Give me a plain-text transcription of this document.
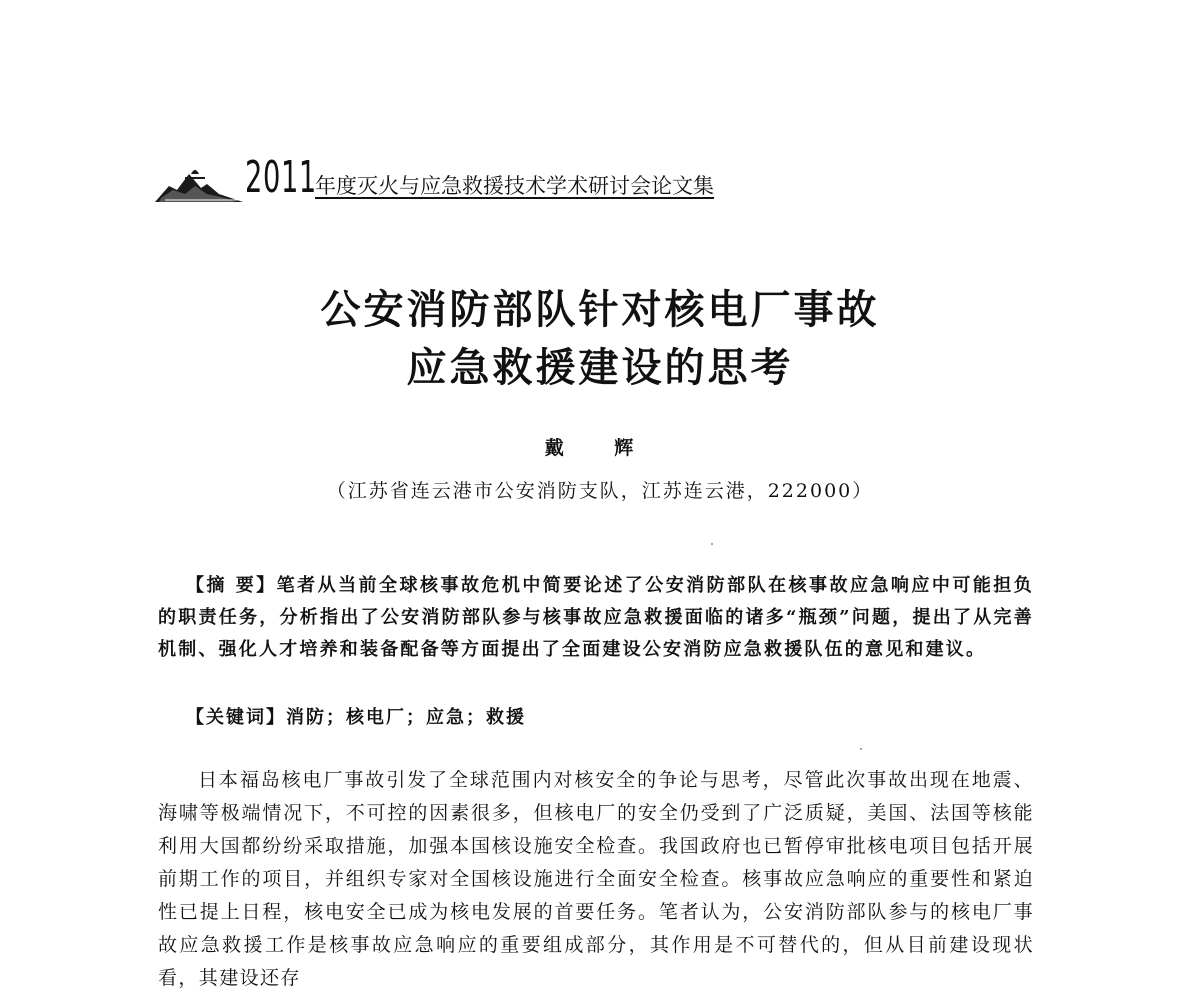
2011
年度灭火与应急救援技术学术研讨会论文集
公安消防部队针对核电厂事故
应急救援建设的思考
戴 辉
（江苏省连云港市公安消防支队，江苏连云港，222000）

【摘 要】笔者从当前全球核事故危机中简要论述了公安消防部队在核事故应急响应中可能担负的职责任务，分析指出了公安消防部队参与核事故应急救援面临的诸多“瓶颈”问题，提出了从完善机制、强化人才培养和装备配备等方面提出了全面建设公安消防应急救援队伍的意见和建议。

【关键词】消防；核电厂；应急；救援

日本福岛核电厂事故引发了全球范围内对核安全的争论与思考，尽管此次事故出现在地震、海啸等极端情况下，不可控的因素很多，但核电厂的安全仍受到了广泛质疑，美国、法国等核能利用大国都纷纷采取措施，加强本国核设施安全检查。我国政府也已暂停审批核电项目包括开展前期工作的项目，并组织专家对全国核设施进行全面安全检查。核事故应急响应的重要性和紧迫性已提上日程，核电安全已成为核电发展的首要任务。笔者认为，公安消防部队参与的核电厂事故应急救援工作是核事故应急响应的重要组成部分，其作用是不可替代的，但从目前建设现状看，其建设还存
